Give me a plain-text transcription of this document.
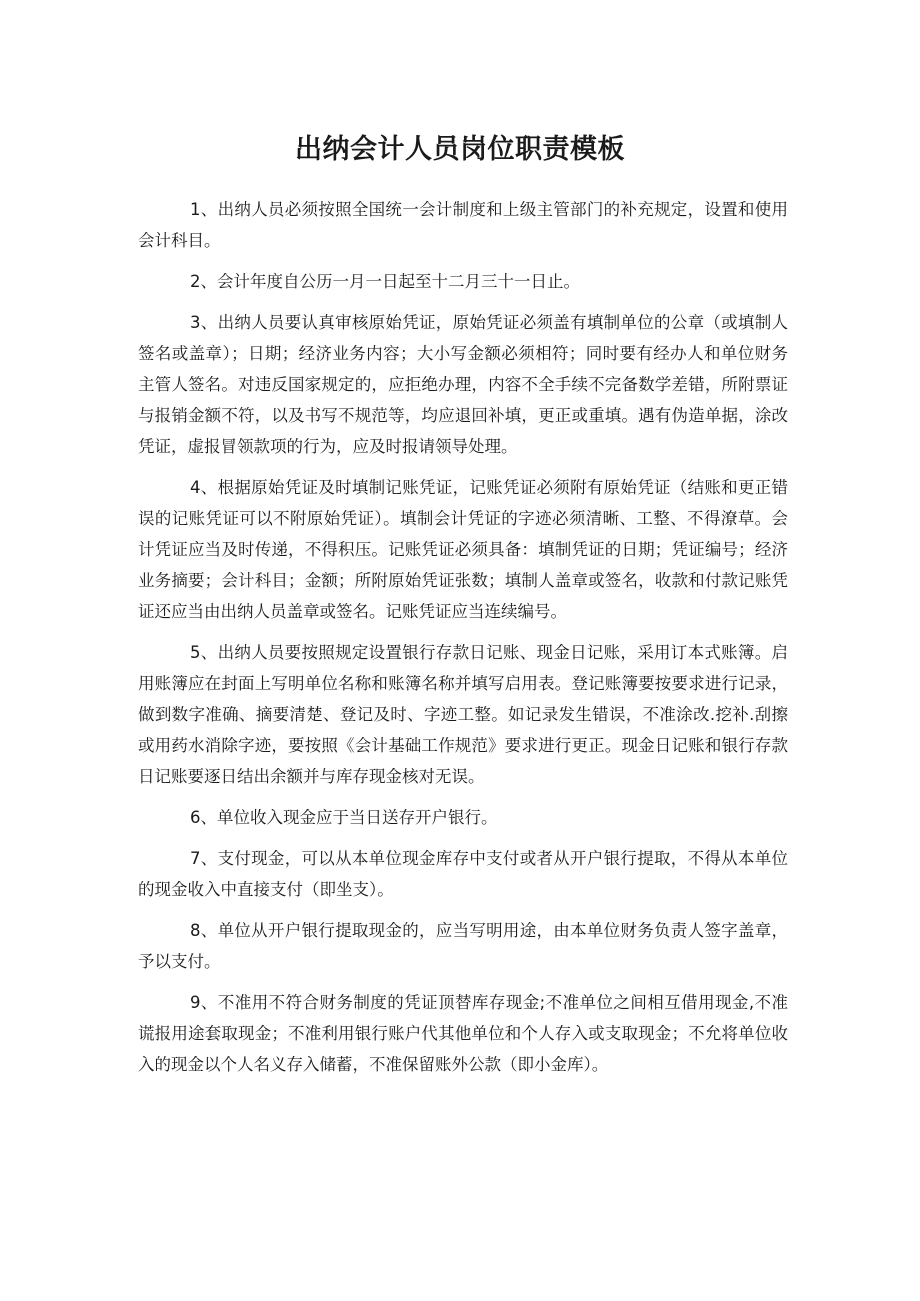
出纳会计人员岗位职责模板

1、出纳人员必须按照全国统一会计制度和上级主管部门的补充规定，设置和使用会计科目。

2、会计年度自公历一月一日起至十二月三十一日止。

3、出纳人员要认真审核原始凭证，原始凭证必须盖有填制单位的公章（或填制人签名或盖章）；日期；经济业务内容；大小写金额必须相符；同时要有经办人和单位财务主管人签名。对违反国家规定的，应拒绝办理，内容不全手续不完备数学差错，所附票证与报销金额不符，以及书写不规范等，均应退回补填，更正或重填。遇有伪造单据，涂改凭证，虚报冒领款项的行为，应及时报请领导处理。

4、根据原始凭证及时填制记账凭证，记账凭证必须附有原始凭证（结账和更正错误的记账凭证可以不附原始凭证）。填制会计凭证的字迹必须清晰、工整、不得潦草。会计凭证应当及时传递，不得积压。记账凭证必须具备：填制凭证的日期；凭证编号；经济业务摘要；会计科目；金额；所附原始凭证张数；填制人盖章或签名，收款和付款记账凭证还应当由出纳人员盖章或签名。记账凭证应当连续编号。

5、出纳人员要按照规定设置银行存款日记账、现金日记账，采用订本式账簿。启用账簿应在封面上写明单位名称和账簿名称并填写启用表。登记账簿要按要求进行记录，做到数字准确、摘要清楚、登记及时、字迹工整。如记录发生错误，不准涂改.挖补.刮擦或用药水消除字迹，要按照《会计基础工作规范》要求进行更正。现金日记账和银行存款日记账要逐日结出余额并与库存现金核对无误。

6、单位收入现金应于当日送存开户银行。

7、支付现金，可以从本单位现金库存中支付或者从开户银行提取，不得从本单位的现金收入中直接支付（即坐支）。

8、单位从开户银行提取现金的，应当写明用途，由本单位财务负责人签字盖章，予以支付。

9、不准用不符合财务制度的凭证顶替库存现金;不准单位之间相互借用现金,不准谎报用途套取现金；不准利用银行账户代其他单位和个人存入或支取现金；不允将单位收入的现金以个人名义存入储蓄，不准保留账外公款（即小金库）。
